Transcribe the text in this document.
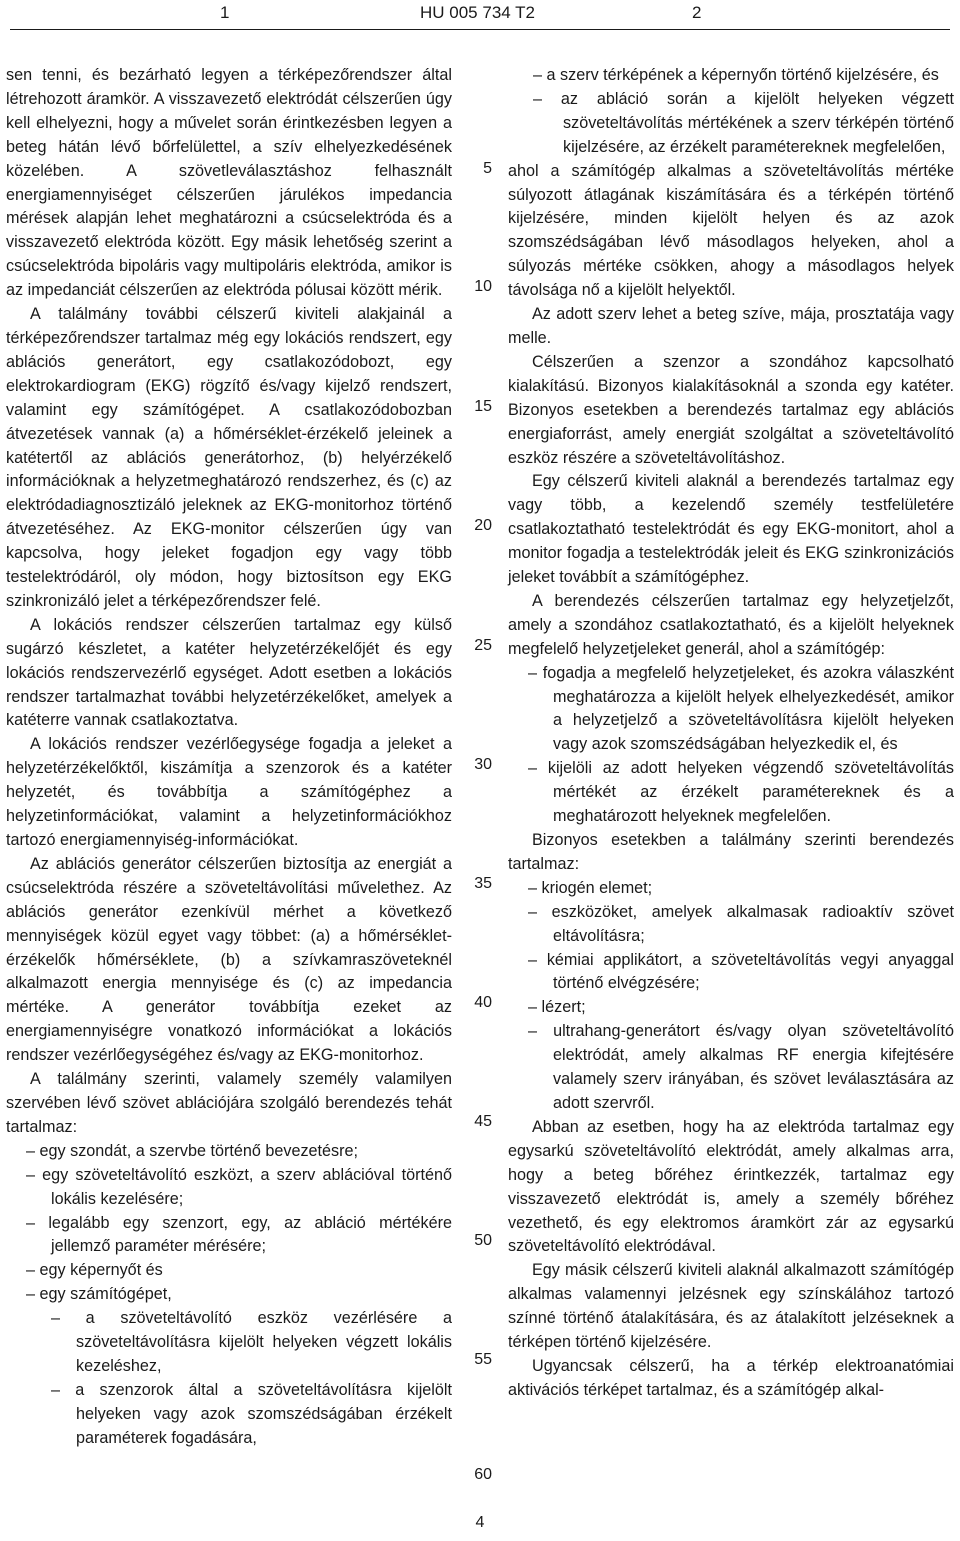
1	HU 005 734 T2	2

sen tenni, és bezárható legyen a térképezőrendszer által létrehozott áramkör. A visszavezető elektródát célszerűen úgy kell elhelyezni, hogy a művelet során érintkezésben legyen a beteg hátán lévő bőrfelülettel, a szív elhelyezkedésének közelében. A szövetleválasztáshoz felhasznált energiamennyiséget célszerűen járulékos impedancia mérések alapján lehet meghatározni a csúcselektróda és a visszavezető elektróda között. Egy másik lehetőség szerint a csúcselektróda bipoláris vagy multipoláris elektróda, amikor is az impedanciát célszerűen az elektróda pólusai között mérik.

A találmány további célszerű kiviteli alakjainál a térképezőrendszer tartalmaz még egy lokációs rendszert, egy ablációs generátort, egy csatlakozódobozt, egy elektrokardiogram (EKG) rögzítő és/vagy kijelző rendszert, valamint egy számítógépet. A csatlakozódobozban átvezetések vannak (a) a hőmérséklet-érzékelő jeleinek a katétertől az ablációs generátorhoz, (b) helyérzékelő információknak a helyzetmeghatározó rendszerhez, és (c) az elektródadiagnosztizáló jeleknek az EKG-monitorhoz történő átvezetéséhez. Az EKG-monitor célszerűen úgy van kapcsolva, hogy jeleket fogadjon egy vagy több testelektródáról, oly módon, hogy biztosítson egy EKG szinkronizáló jelet a térképezőrendszer felé.

A lokációs rendszer célszerűen tartalmaz egy külső sugárzó készletet, a katéter helyzetérzékelőjét és egy lokációs rendszervezérlő egységet. Adott esetben a lokációs rendszer tartalmazhat további helyzetérzékelőket, amelyek a katéterre vannak csatlakoztatva.

A lokációs rendszer vezérlőegysége fogadja a jeleket a helyzetérzékelőktől, kiszámítja a szenzorok és a katéter helyzetét, és továbbítja a számítógéphez a helyzetinformációkat, valamint a helyzetinformációkhoz tartozó energiamennyiség-információkat.

Az ablációs generátor célszerűen biztosítja az energiát a csúcselektróda részére a szöveteltávolítási művelethez. Az ablációs generátor ezenkívül mérhet a következő mennyiségek közül egyet vagy többet: (a) a hőmérséklet-érzékelők hőmérséklete, (b) a szívkamraszöveteknél alkalmazott energia mennyisége és (c) az impedancia mértéke. A generátor továbbítja ezeket az energiamennyiségre vonatkozó információkat a lokációs rendszer vezérlőegységéhez és/vagy az EKG-monitorhoz.

A találmány szerinti, valamely személy valamilyen szervében lévő szövet ablációjára szolgáló berendezés tehát tartalmaz:

– egy szondát, a szervbe történő bevezetésre;

– egy szöveteltávolító eszközt, a szerv ablációval történő lokális kezelésére;

– legalább egy szenzort, egy, az abláció mértékére jellemző paraméter mérésére;

– egy képernyőt és

– egy számítógépet,

– a szöveteltávolító eszköz vezérlésére a szöveteltávolításra kijelölt helyeken végzett lokális kezeléshez,

– a szenzorok által a szöveteltávolításra kijelölt helyeken vagy azok szomszédságában érzékelt paraméterek fogadására,

5
10
15
20
25
30
35
40
45
50
55
60

– a szerv térképének a képernyőn történő kijelzésére, és

– az abláció során a kijelölt helyeken végzett szöveteltávolítás mértékének a szerv térképén történő kijelzésére, az érzékelt paramétereknek megfelelően,

ahol a számítógép alkalmas a szöveteltávolítás mértéke súlyozott átlagának kiszámítására és a térképén történő kijelzésére, minden kijelölt helyen és az azok szomszédságában lévő másodlagos helyeken, ahol a súlyozás mértéke csökken, ahogy a másodlagos helyek távolsága nő a kijelölt helyektől.

Az adott szerv lehet a beteg szíve, mája, prosztatája vagy melle.

Célszerűen a szenzor a szondához kapcsolható kialakítású. Bizonyos kialakításoknál a szonda egy katéter. Bizonyos esetekben a berendezés tartalmaz egy ablációs energiaforrást, amely energiát szolgáltat a szöveteltávolító eszköz részére a szöveteltávolításhoz.

Egy célszerű kiviteli alaknál a berendezés tartalmaz egy vagy több, a kezelendő személy testfelületére csatlakoztatható testelektródát és egy EKG-monitort, ahol a monitor fogadja a testelektródák jeleit és EKG szinkronizációs jeleket továbbít a számítógéphez.

A berendezés célszerűen tartalmaz egy helyzetjelzőt, amely a szondához csatlakoztatható, és a kijelölt helyeknek megfelelő helyzetjeleket generál, ahol a számítógép:

– fogadja a megfelelő helyzetjeleket, és azokra válaszként meghatározza a kijelölt helyek elhelyezkedését, amikor a helyzetjelző a szöveteltávolításra kijelölt helyeken vagy azok szomszédságában helyezkedik el, és

– kijelöli az adott helyeken végzendő szöveteltávolítás mértékét az érzékelt paramétereknek és a meghatározott helyeknek megfelelően.

Bizonyos esetekben a találmány szerinti berendezés tartalmaz:

– kriogén elemet;

– eszközöket, amelyek alkalmasak radioaktív szövet eltávolításra;

– kémiai applikátort, a szöveteltávolítás vegyi anyaggal történő elvégzésére;

– lézert;

– ultrahang-generátort és/vagy olyan szöveteltávolító elektródát, amely alkalmas RF energia kifejtésére valamely szerv irányában, és szövet leválasztására az adott szervről.

Abban az esetben, hogy ha az elektróda tartalmaz egy egysarkú szöveteltávolító elektródát, amely alkalmas arra, hogy a beteg bőréhez érintkezzék, tartalmaz egy visszavezető elektródát is, amely a személy bőréhez vezethető, és egy elektromos áramkört zár az egysarkú szöveteltávolító elektródával.

Egy másik célszerű kiviteli alaknál alkalmazott számítógép alkalmas valamennyi jelzésnek egy színskálához tartozó színné történő átalakítására, és az átalakított jelzéseknek a térképen történő kijelzésére.

Ugyancsak célszerű, ha a térkép elektroanatómiai aktivációs térképet tartalmaz, és a számítógép alkal-

4
